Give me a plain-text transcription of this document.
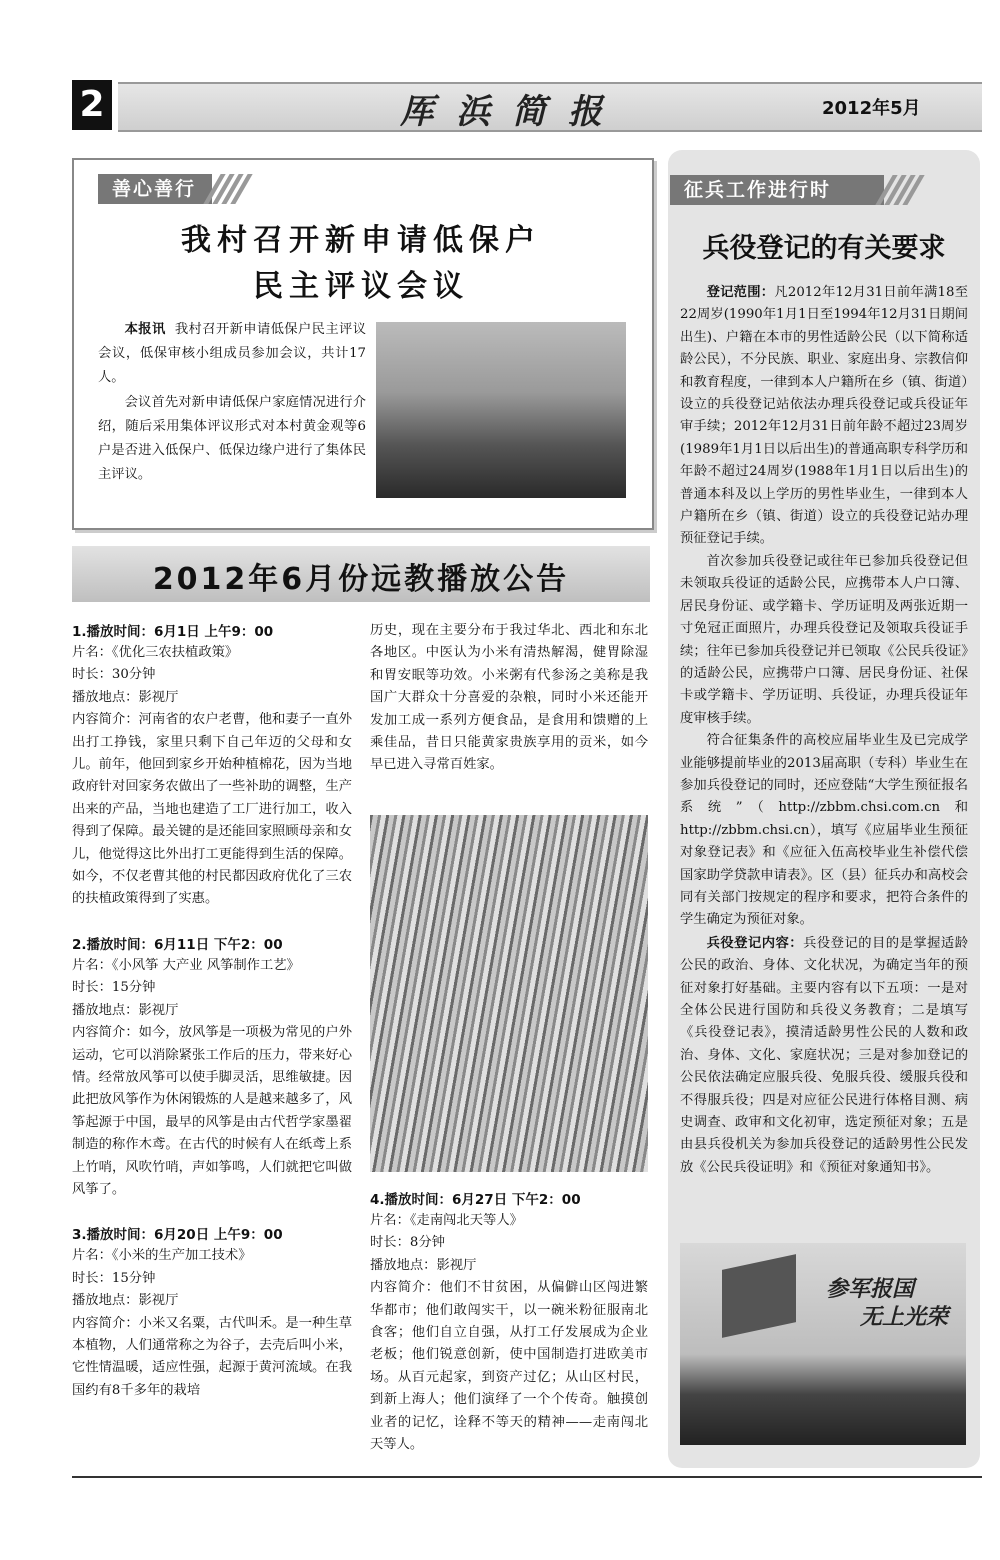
2	厍浜简报	2012年5月
善心善行
我村召开新申请低保户
民主评议会议

本报讯 我村召开新申请低保户民主评议会议，低保审核小组成员参加会议，共计17人。

会议首先对新申请低保户家庭情况进行介绍，随后采用集体评议形式对本村黄金观等6户是否进入低保户、低保边缘户进行了集体民主评议。

2012年6月份远教播放公告
1.播放时间：6月1日 上午9：00
片名：《优化三农扶植政策》
时长：30分钟
播放地点：影视厅
内容简介：河南省的农户老曹，他和妻子一直外出打工挣钱，家里只剩下自己年迈的父母和女儿。前年，他回到家乡开始种植棉花，因为当地政府针对回家务农做出了一些补助的调整，生产出来的产品，当地也建造了工厂进行加工，收入得到了保障。最关键的是还能回家照顾母亲和女儿，他觉得这比外出打工更能得到生活的保障。如今，不仅老曹其他的村民都因政府优化了三农的扶植政策得到了实惠。
2.播放时间：6月11日 下午2：00
片名：《小风筝 大产业 风筝制作工艺》
时长：15分钟
播放地点：影视厅
内容简介：如今，放风筝是一项极为常见的户外运动，它可以消除紧张工作后的压力，带来好心情。经常放风筝可以使手脚灵活，思维敏捷。因此把放风筝作为休闲锻炼的人是越来越多了，风筝起源于中国，最早的风筝是由古代哲学家墨翟制造的称作木鸢。在古代的时候有人在纸鸢上系上竹哨，风吹竹哨，声如筝鸣，人们就把它叫做风筝了。
3.播放时间：6月20日 上午9：00
片名：《小米的生产加工技术》
时长：15分钟
播放地点：影视厅
内容简介：小米又名粟，古代叫禾。是一种生草本植物，人们通常称之为谷子，去壳后叫小米，它性情温暖，适应性强，起源于黄河流域。在我国约有8千多年的栽培
历史，现在主要分布于我过华北、西北和东北各地区。中医认为小米有清热解渴，健胃除湿和胃安眠等功效。小米粥有代参汤之美称是我国广大群众十分喜爱的杂粮，同时小米还能开发加工成一系列方便食品，是食用和馈赠的上乘佳品，昔日只能黄家贵族享用的贡米，如今早已进入寻常百姓家。
4.播放时间：6月27日 下午2：00
片名：《走南闯北天等人》
时长：8分钟
播放地点：影视厅
内容简介：他们不甘贫困，从偏僻山区闯进繁华都市；他们敢闯实干，以一碗米粉征服南北食客；他们自立自强，从打工仔发展成为企业老板；他们锐意创新，使中国制造打进欧美市场。从百元起家，到资产过亿；从山区村民，到新上海人；他们演绎了一个个传奇。触摸创业者的记忆，诠释不等天的精神——走南闯北天等人。
征兵工作进行时
兵役登记的有关要求

登记范围：凡2012年12月31日前年满18至22周岁(1990年1月1日至1994年12月31日期间出生)、户籍在本市的男性适龄公民（以下简称适龄公民），不分民族、职业、家庭出身、宗教信仰和教育程度，一律到本人户籍所在乡（镇、街道）设立的兵役登记站依法办理兵役登记或兵役证年审手续；2012年12月31日前年龄不超过23周岁(1989年1月1日以后出生)的普通高职专科学历和年龄不超过24周岁(1988年1月1日以后出生)的普通本科及以上学历的男性毕业生，一律到本人户籍所在乡（镇、街道）设立的兵役登记站办理预征登记手续。

首次参加兵役登记或往年已参加兵役登记但未领取兵役证的适龄公民，应携带本人户口簿、居民身份证、或学籍卡、学历证明及两张近期一寸免冠正面照片，办理兵役登记及领取兵役证手续；往年已参加兵役登记并已领取《公民兵役证》的适龄公民，应携带户口簿、居民身份证、社保卡或学籍卡、学历证明、兵役证，办理兵役证年度审核手续。

符合征集条件的高校应届毕业生及已完成学业能够提前毕业的2013届高职（专科）毕业生在参加兵役登记的同时，还应登陆“大学生预征报名系统”（http://zbbm.chsi.com.cn和http://zbbm.chsi.cn），填写《应届毕业生预征对象登记表》和《应征入伍高校毕业生补偿代偿国家助学贷款申请表》。区（县）征兵办和高校会同有关部门按规定的程序和要求，把符合条件的学生确定为预征对象。

兵役登记内容：兵役登记的目的是掌握适龄公民的政治、身体、文化状况，为确定当年的预征对象打好基础。主要内容有以下五项：一是对全体公民进行国防和兵役义务教育；二是填写《兵役登记表》，摸清适龄男性公民的人数和政治、身体、文化、家庭状况；三是对参加登记的公民依法确定应服兵役、免服兵役、缓服兵役和不得服兵役；四是对应征公民进行体格目测、病史调查、政审和文化初审，选定预征对象；五是由县兵役机关为参加兵役登记的适龄男性公民发放《公民兵役证明》和《预征对象通知书》。

参军报国
无上光荣
